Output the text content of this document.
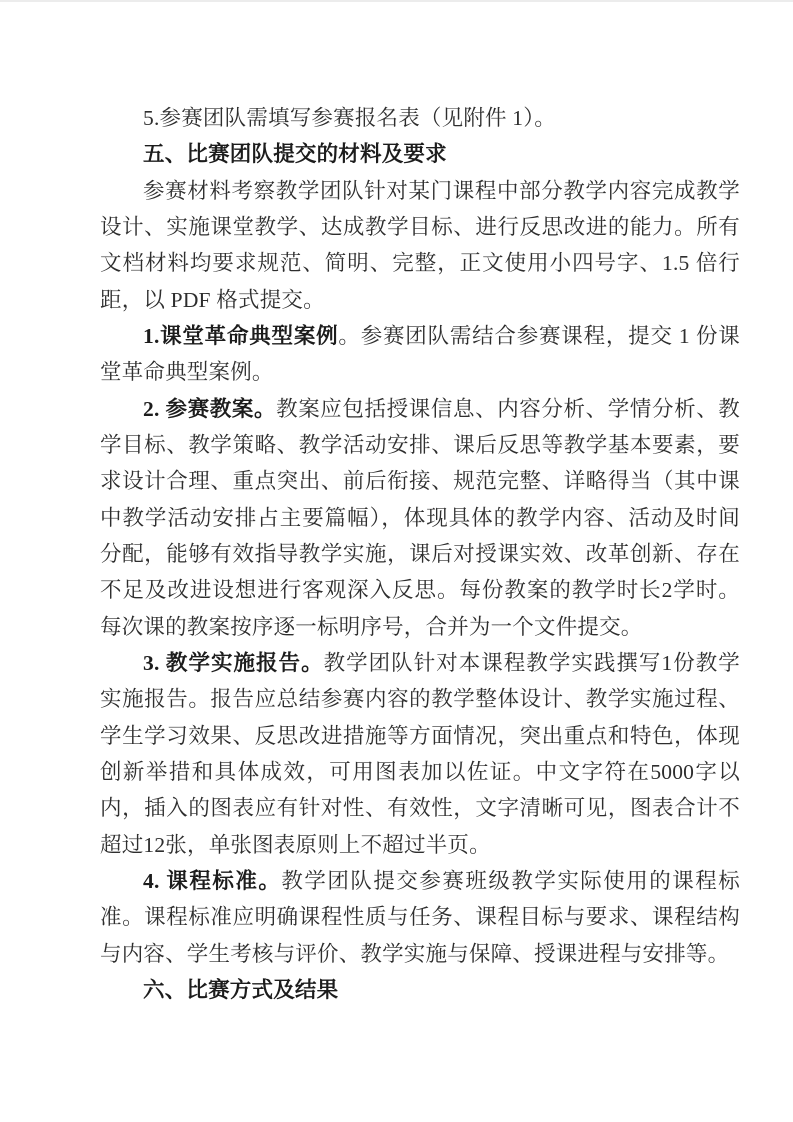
5.参赛团队需填写参赛报名表（见附件 1）。

五、比赛团队提交的材料及要求

参赛材料考察教学团队针对某门课程中部分教学内容完成教学设计、实施课堂教学、达成教学目标、进行反思改进的能力。所有文档材料均要求规范、简明、完整，正文使用小四号字、1.5 倍行距，以 PDF 格式提交。

1.课堂革命典型案例。参赛团队需结合参赛课程，提交 1 份课堂革命典型案例。

2. 参赛教案。教案应包括授课信息、内容分析、学情分析、教学目标、教学策略、教学活动安排、课后反思等教学基本要素，要求设计合理、重点突出、前后衔接、规范完整、详略得当（其中课中教学活动安排占主要篇幅），体现具体的教学内容、活动及时间分配，能够有效指导教学实施，课后对授课实效、改革创新、存在不足及改进设想进行客观深入反思。每份教案的教学时长2学时。每次课的教案按序逐一标明序号，合并为一个文件提交。

3. 教学实施报告。教学团队针对本课程教学实践撰写1份教学实施报告。报告应总结参赛内容的教学整体设计、教学实施过程、学生学习效果、反思改进措施等方面情况，突出重点和特色，体现创新举措和具体成效，可用图表加以佐证。中文字符在5000字以内，插入的图表应有针对性、有效性，文字清晰可见，图表合计不超过12张，单张图表原则上不超过半页。

4. 课程标准。教学团队提交参赛班级教学实际使用的课程标准。课程标准应明确课程性质与任务、课程目标与要求、课程结构与内容、学生考核与评价、教学实施与保障、授课进程与安排等。

六、比赛方式及结果
